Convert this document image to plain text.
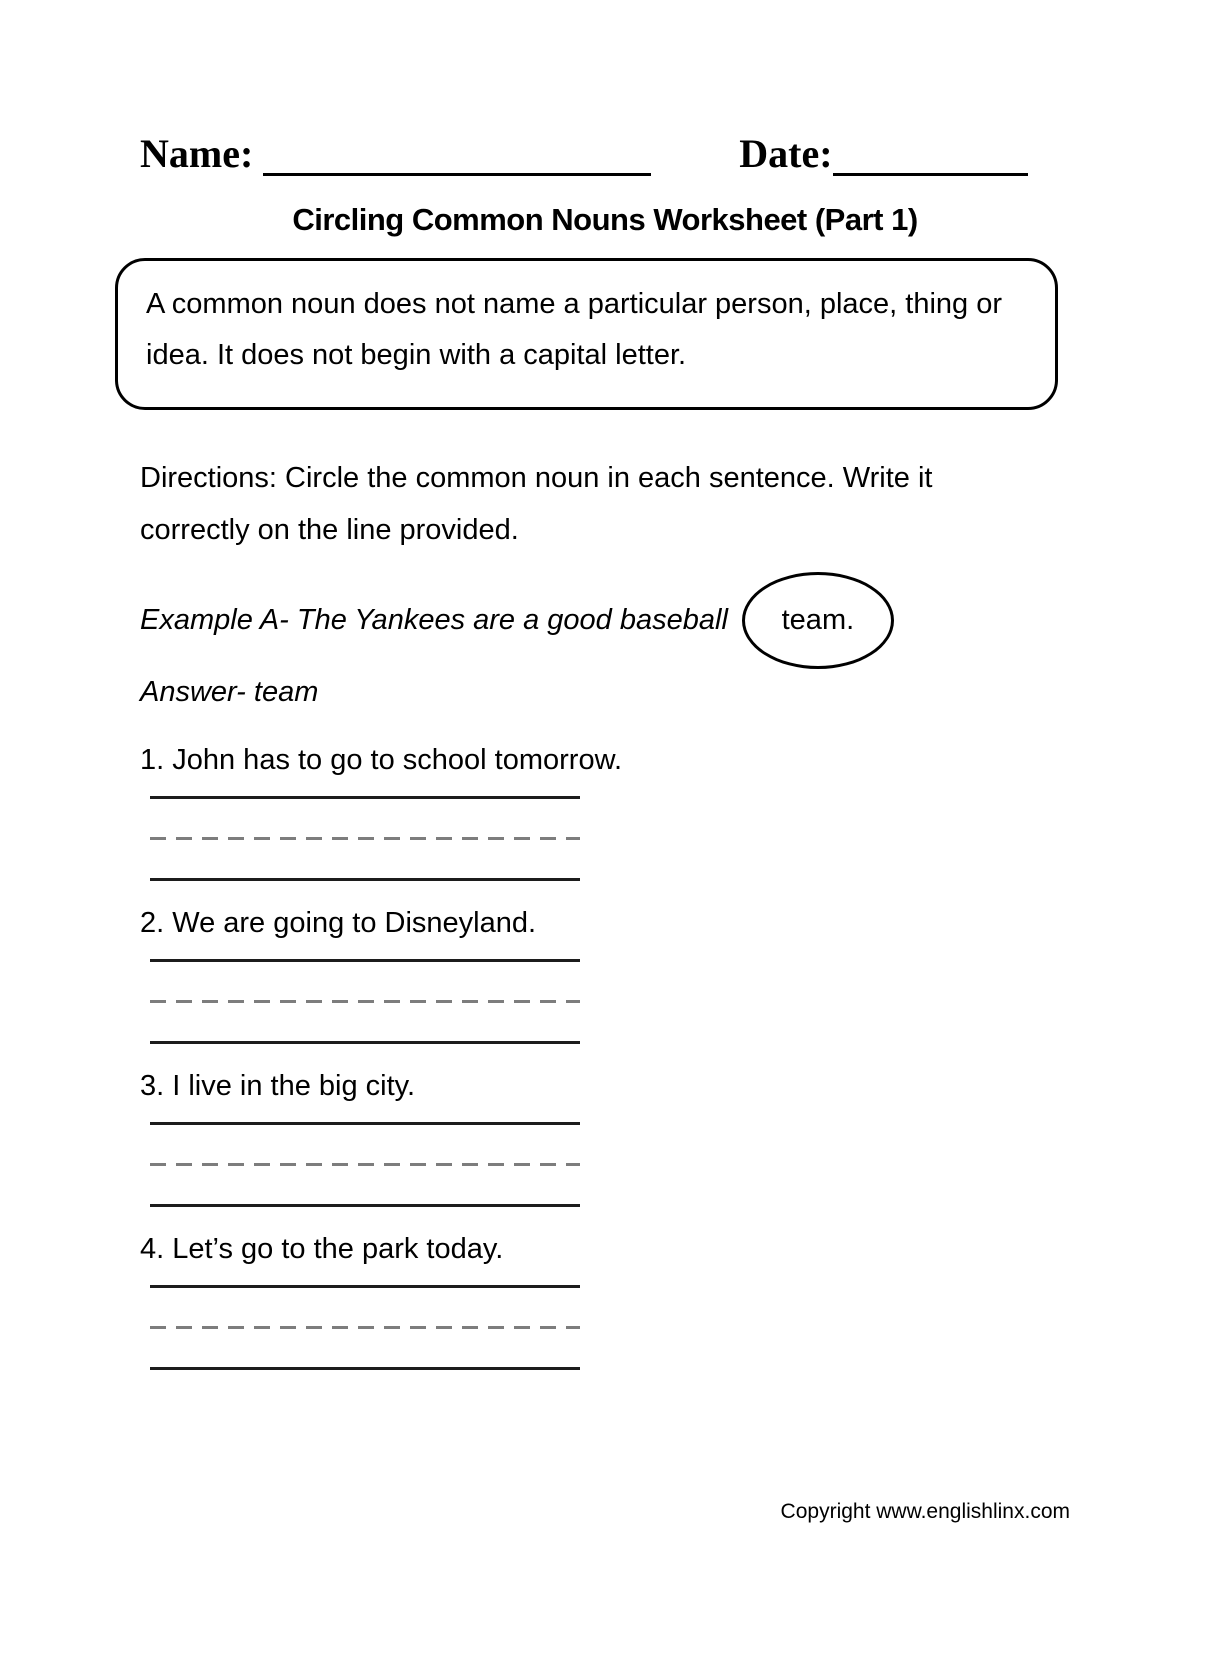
Name:	Date:
Circling Common Nouns Worksheet (Part 1)
A common noun does not name a particular person, place, thing or idea. It does not begin with a capital letter.
Directions: Circle the common noun in each sentence. Write it correctly on the line provided.
Example A- The Yankees are a good baseball team.
Answer- team
1. John has to go to school tomorrow.
2. We are going to Disneyland.
3. I live in the big city.
4. Let’s go to the park today.
Copyright www.englishlinx.com
